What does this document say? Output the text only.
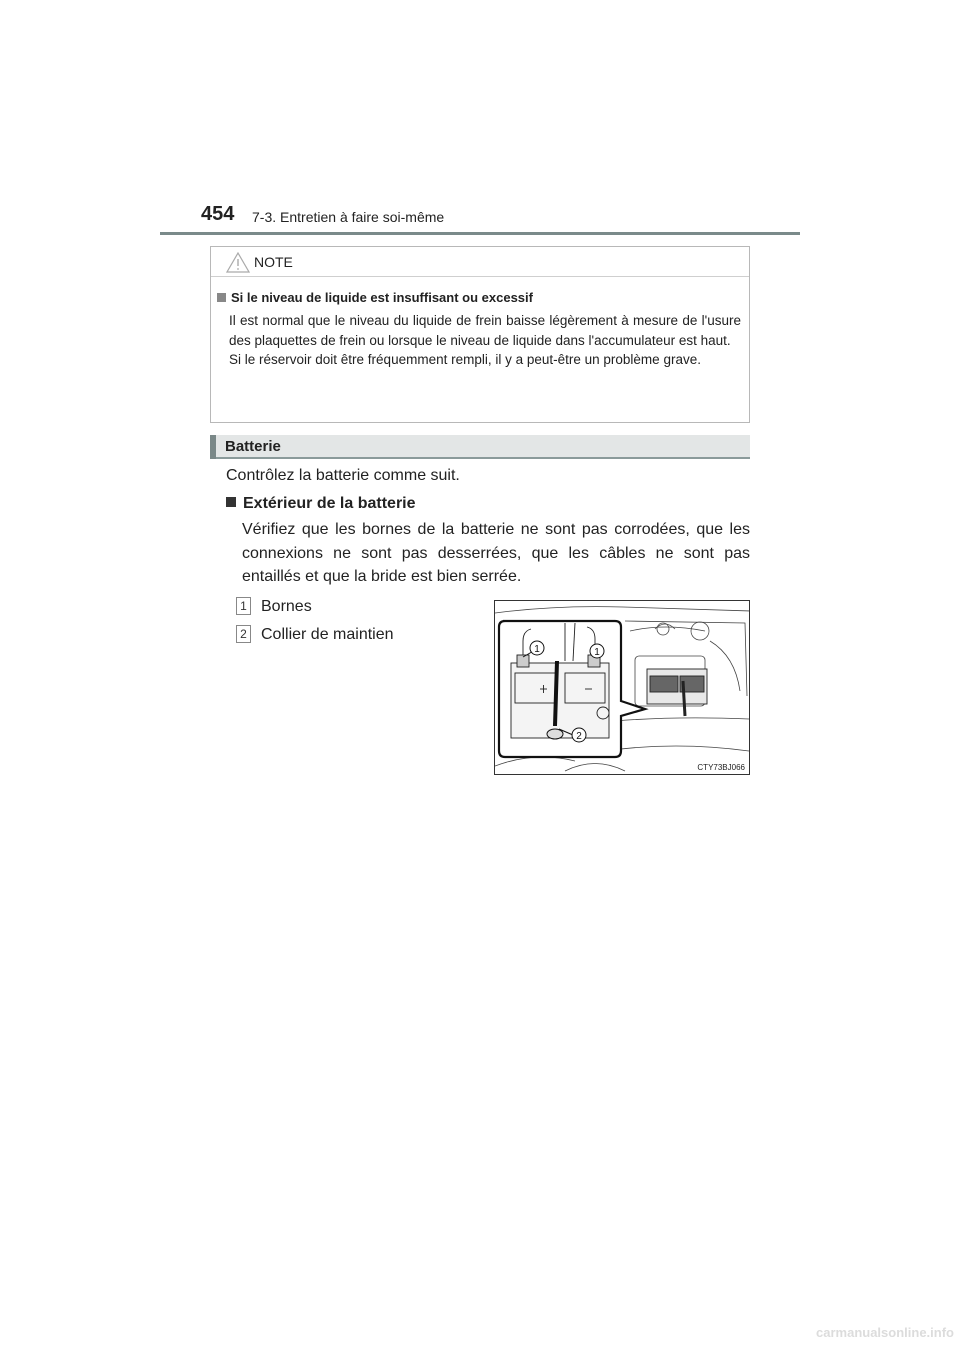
454 7-3. Entretien à faire soi-même
NOTE
Si le niveau de liquide est insuffisant ou excessif

Il est normal que le niveau du liquide de frein baisse légèrement à mesure de l'usure des plaquettes de frein ou lorsque le niveau de liquide dans l'accumulateur est haut.

Si le réservoir doit être fréquemment rempli, il y a peut-être un problème grave.

Batterie
Contrôlez la batterie comme suit.
Extérieur de la batterie

Vérifiez que les bornes de la batterie ne sont pas corrodées, que les connexions ne sont pas desserrées, que les câbles ne sont pas entaillés et que la bride est bien serrée.

1 Bornes
2 Collier de maintien
1	1
2
CTY73BJ066
carmanualsonline.info
